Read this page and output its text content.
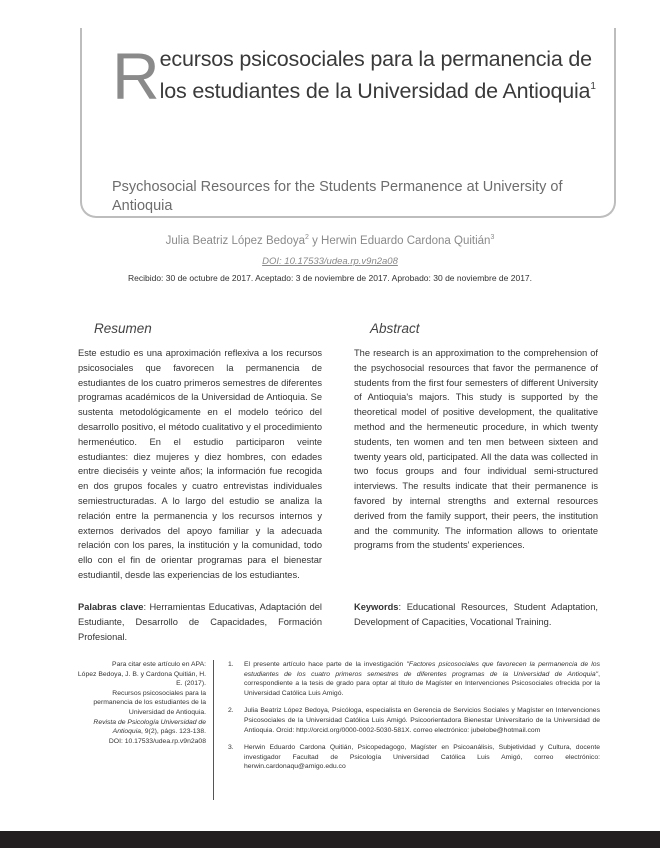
Recursos psicosociales para la permanencia de los estudiantes de la Universidad de Antioquia$^1$
Psychosocial Resources for the Students Permanence at University of Antioquia
Julia Beatriz López Bedoya$^2$ y Herwin Eduardo Cardona Quitián$^3$
DOI: 10.17533/udea.rp.v9n2a08
Recibido: 30 de octubre de 2017. Aceptado: 3 de noviembre de 2017. Aprobado: 30 de noviembre de 2017.
Resumen
Este estudio es una aproximación reflexiva a los recursos psicosociales que favorecen la permanencia de estudiantes de los cuatro primeros semestres de diferentes programas académicos de la Universidad de Antioquia. Se sustenta metodológicamente en el modelo teórico del desarrollo positivo, el método cualitativo y el procedimiento hermenéutico. En el estudio participaron veinte estudiantes: diez mujeres y diez hombres, con edades entre dieciséis y veinte años; la información fue recogida en dos grupos focales y cuatro entrevistas individuales semiestructuradas. A lo largo del estudio se analiza la relación entre la permanencia y los recursos internos y externos derivados del apoyo familiar y la adecuada relación con los pares, la institución y la comunidad, todo ello con el fin de orientar programas para el bienestar estudiantil, desde las experiencias de los estudiantes.
Palabras clave: Herramientas Educativas, Adaptación del Estudiante, Desarrollo de Capacidades, Formación Profesional.
Abstract
The research is an approximation to the comprehension of the psychosocial resources that favor the permanence of students from the first four semesters of different University of Antioquia's majors. This study is supported by the theoretical model of positive development, the qualitative method and the hermeneutic procedure, in which twenty students, ten women and ten men between sixteen and twenty years old, participated. All the data was collected in two focus groups and four individual semi-structured interviews. The results indicate that their permanence is favored by internal strengths and external resources derived from the family support, their peers, the institution and the community. The information allows to orientate programs from the students' experiences.
Keywords: Educational Resources, Student Adaptation, Development of Capacities, Vocational Training.
Para citar este artículo en APA:
López Bedoya, J. B. y Cardona Quitián, H. E. (2017).
Recursos psicosociales para la permanencia de los estudiantes de la Universidad de Antioquia.
Revista de Psicología Universidad de Antioquia, 9(2), págs. 123-138.
DOI: 10.17533/udea.rp.v9n2a08
1.	El presente artículo hace parte de la investigación "Factores psicosociales que favorecen la permanencia de los estudiantes de los cuatro primeros semestres de diferentes programas de la Universidad de Antioquia", correspondiente a la tesis de grado para optar al título de Magíster en Intervenciones Psicosociales ofrecida por la Universidad Católica Luis Amigó.
2.	Julia Beatriz López Bedoya, Psicóloga, especialista en Gerencia de Servicios Sociales y Magíster en Intervenciones Psicosociales de la Universidad Católica Luis Amigó. Psicoorientadora Bienestar Universitario de la Universidad de Antioquia. Orcid: http://orcid.org/0000-0002-5030-581X. correo electrónico: jubelobe@hotmail.com
3.	Herwin Eduardo Cardona Quitián, Psicopedagogo, Magíster en Psicoanálisis, Subjetividad y Cultura, docente investigador Facultad de Psicología Universidad Católica Luis Amigó, correo electrónico: herwin.cardonaqu@amigo.edu.co
